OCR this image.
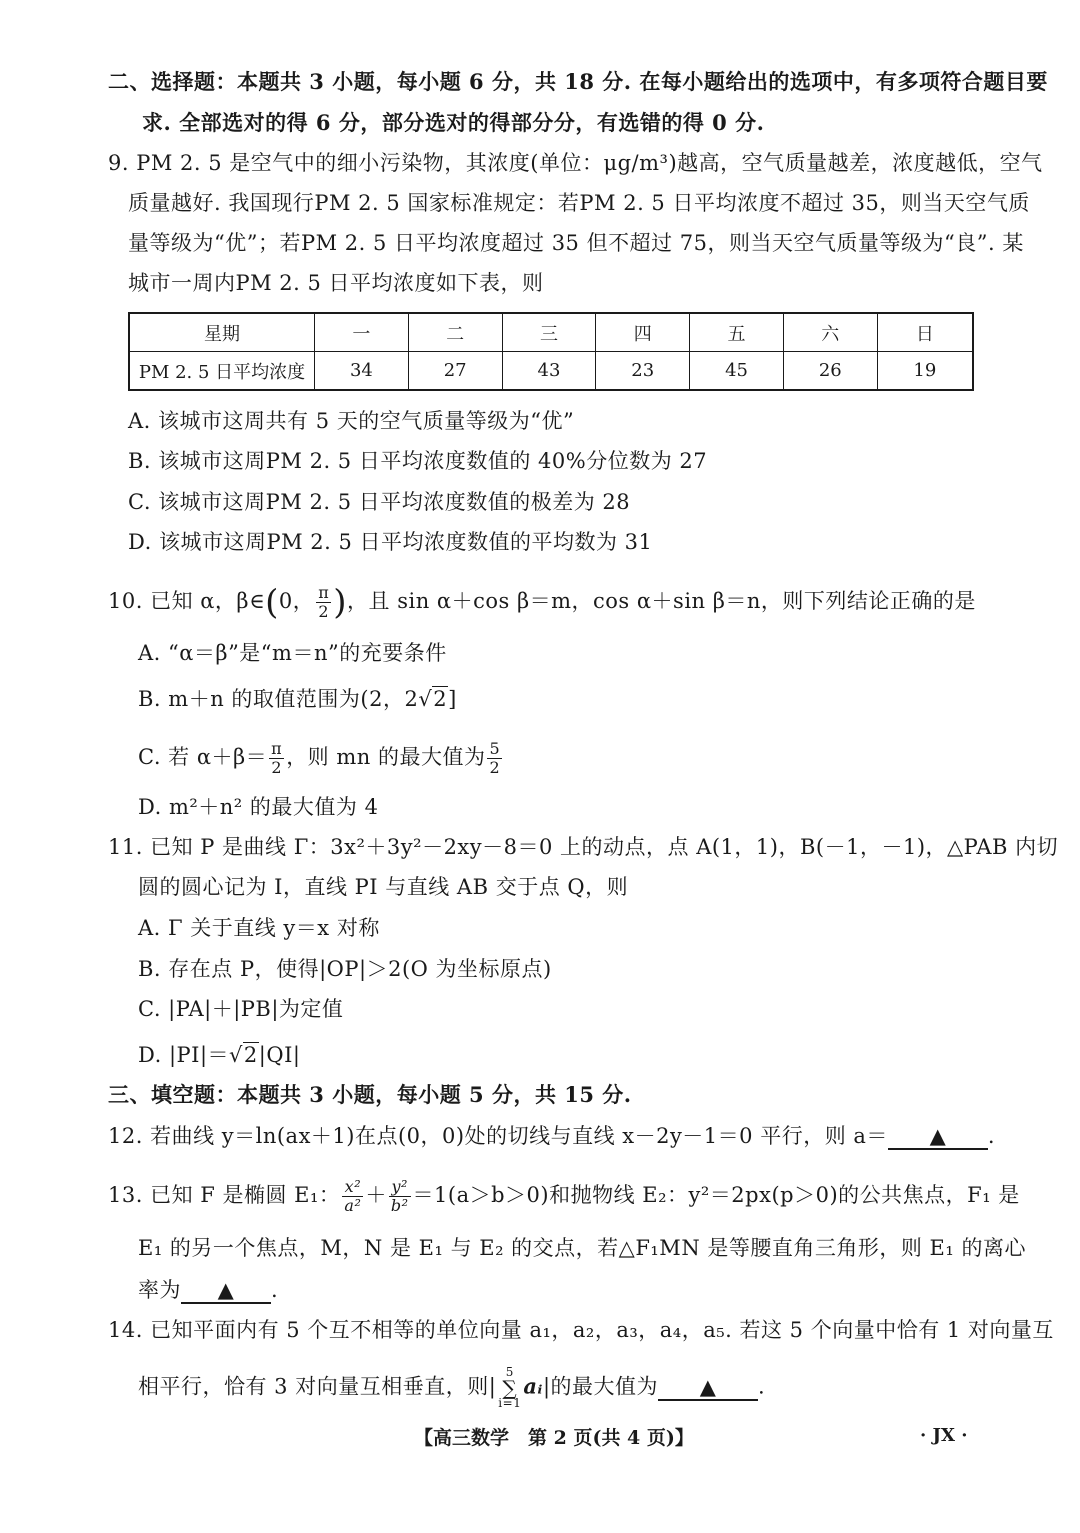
二、选择题：本题共 3 小题，每小题 6 分，共 18 分. 在每小题给出的选项中，有多项符合题目要
求. 全部选对的得 6 分，部分选对的得部分分，有选错的得 0 分.
9. PM 2. 5 是空气中的细小污染物，其浓度(单位：μg/m³)越高，空气质量越差，浓度越低，空气
质量越好. 我国现行PM 2. 5 国家标准规定：若PM 2. 5 日平均浓度不超过 35，则当天空气质
量等级为“优”；若PM 2. 5 日平均浓度超过 35 但不超过 75，则当天空气质量等级为“良”. 某
城市一周内PM 2. 5 日平均浓度如下表，则
星期	一	二	三	四	五	六	日
PM 2. 5 日平均浓度	34	27	43	23	45	26	19
A. 该城市这周共有 5 天的空气质量等级为“优”
B. 该城市这周PM 2. 5 日平均浓度数值的 40%分位数为 27
C. 该城市这周PM 2. 5 日平均浓度数值的极差为 28
D. 该城市这周PM 2. 5 日平均浓度数值的平均数为 31
10. 已知 α，β∈(0， $\frac{\pi}{2}$ )，且 sin α＋cos β＝m，cos α＋sin β＝n，则下列结论正确的是
A. “α＝β”是“m＝n”的充要条件
B. m＋n 的取值范围为(2，2√2]
C. 若 $\alpha+\beta= \frac{\pi}{2}$ ，则 mn 的最大值为 $\frac{5}{2}$
D. m²＋n² 的最大值为 4
11. 已知 P 是曲线 Γ：3x²＋3y²－2xy－8＝0 上的动点，点 A(1，1)，B(－1，－1)，△PAB 内切
圆的圆心记为 I，直线 PI 与直线 AB 交于点 Q，则
A. Γ 关于直线 y＝x 对称
B. 存在点 P，使得|OP|＞2(O 为坐标原点)
C. |PA|＋|PB|为定值
D. |PI|＝√2|QI|
三、填空题：本题共 3 小题，每小题 5 分，共 15 分.
12. 若曲线 y＝ln(ax＋1)在点(0，0)处的切线与直线 x－2y－1＝0 平行，则 a＝ ▲ .
13. 已知 F 是椭圆 E₁： $\frac{\text{x²}}{\text{a²}} + \frac{\text{y²}}{\text{b²}} =1(a>b>0)$和抛物线 E₂：y²＝2px(p＞0)的公共焦点，F₁ 是
E₁ 的另一个焦点，M，N 是 E₁ 与 E₂ 的交点，若△F₁MN 是等腰直角三角形，则 E₁ 的离心
率为 ▲ .
14. 已知平面内有 5 个互不相等的单位向量 a₁，a₂，a₃，a₄，a₅. 若这 5 个向量中恰有 1 对向量互
相平行，恰有 3 对向量互相垂直，则|5
∑
i=1aᵢ|的最大值为 ▲ .
【高三数学　第 2 页(共 4 页)】	· JX ·
